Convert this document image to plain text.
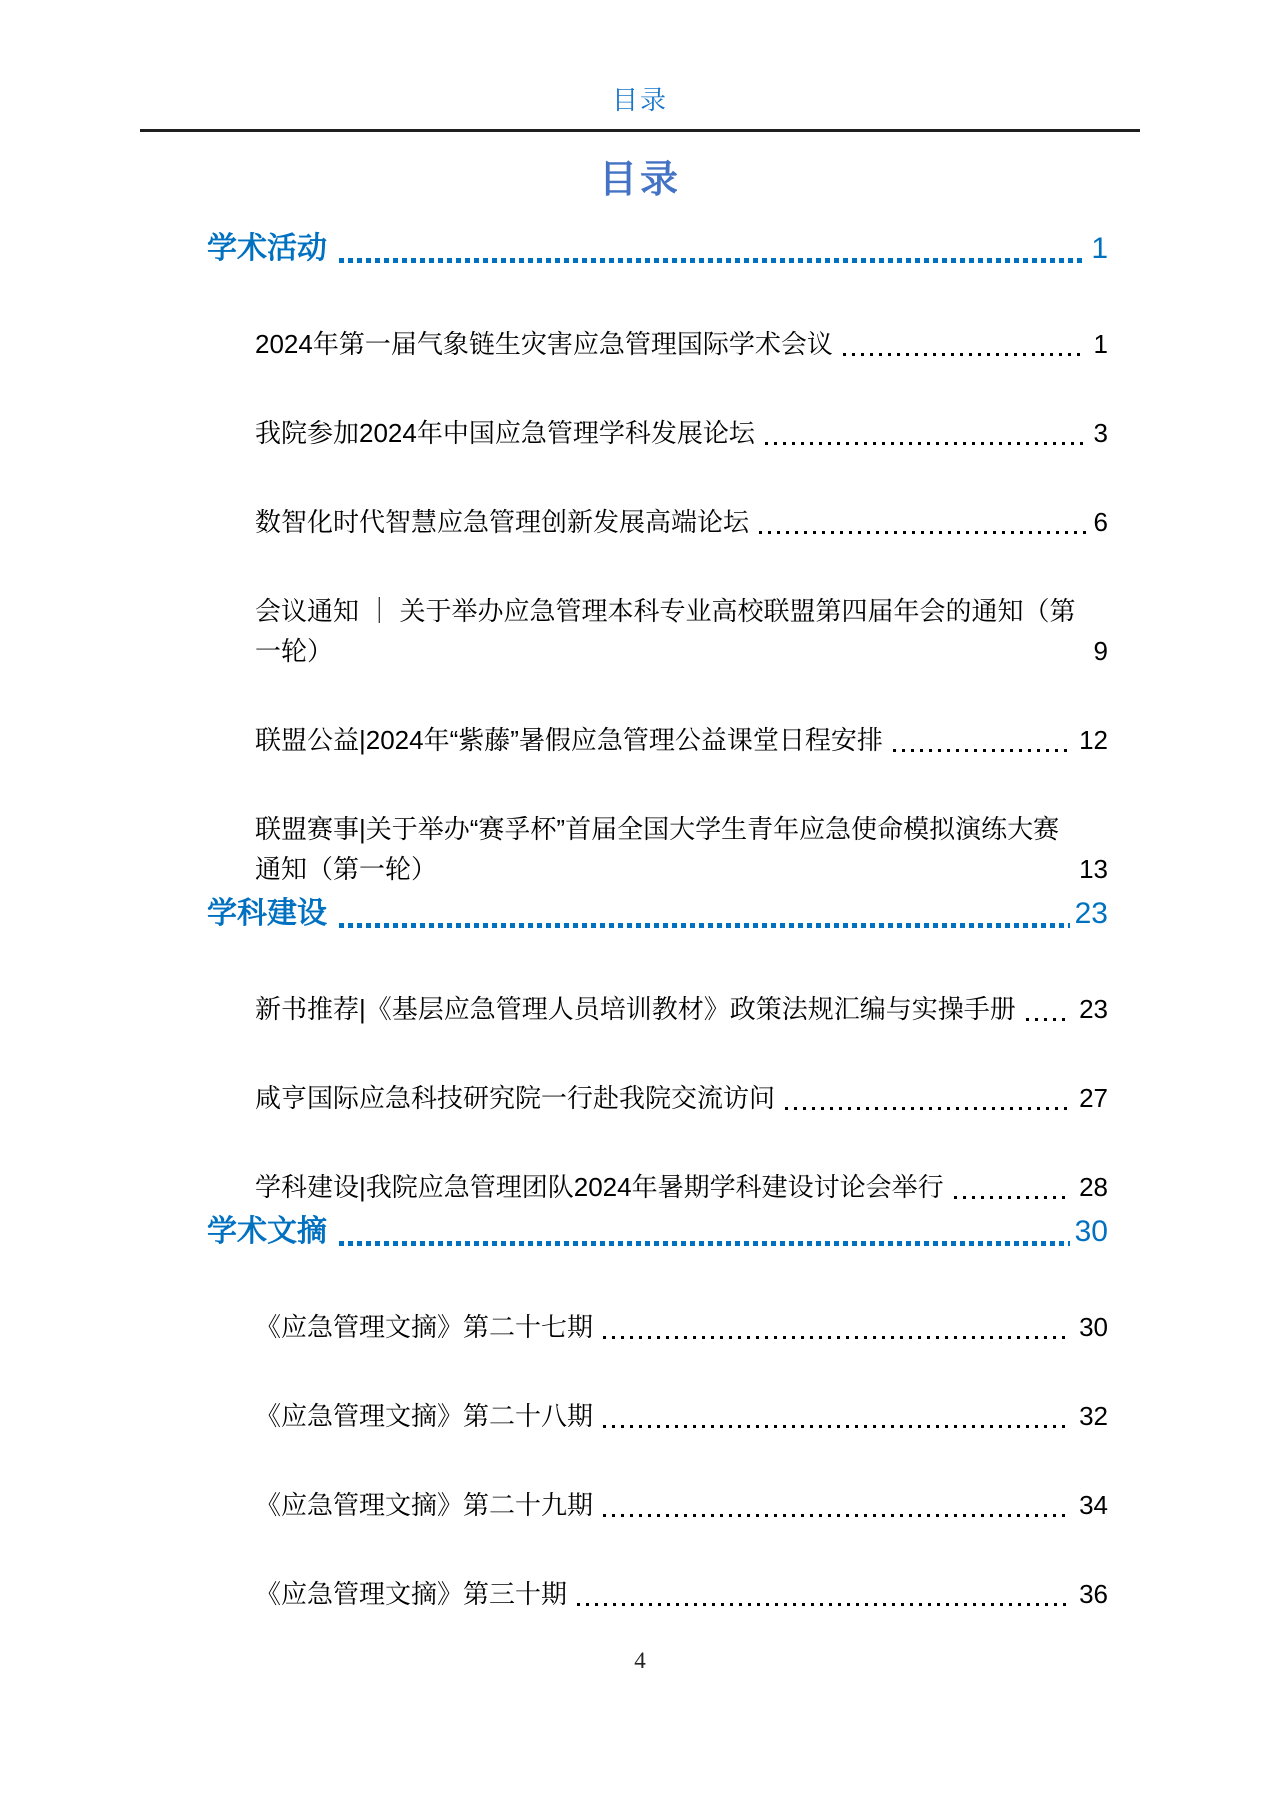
目录
目录
学术活动	1
2024年第一届气象链生灾害应急管理国际学术会议	1
我院参加2024年中国应急管理学科发展论坛	3
数智化时代智慧应急管理创新发展高端论坛	6
会议通知 ｜ 关于举办应急管理本科专业高校联盟第四届年会的通知（第一轮）	9
联盟公益|2024年“紫藤”暑假应急管理公益课堂日程安排	12
联盟赛事|关于举办“赛孚杯”首届全国大学生青年应急使命模拟演练大赛通知（第一轮）	13
学科建设	23
新书推荐|《基层应急管理人员培训教材》政策法规汇编与实操手册 23
咸亨国际应急科技研究院一行赴我院交流访问	27
学科建设|我院应急管理团队2024年暑期学科建设讨论会举行	28
学术文摘	30
《应急管理文摘》第二十七期	30
《应急管理文摘》第二十八期	32
《应急管理文摘》第二十九期	34
《应急管理文摘》第三十期	36
4
